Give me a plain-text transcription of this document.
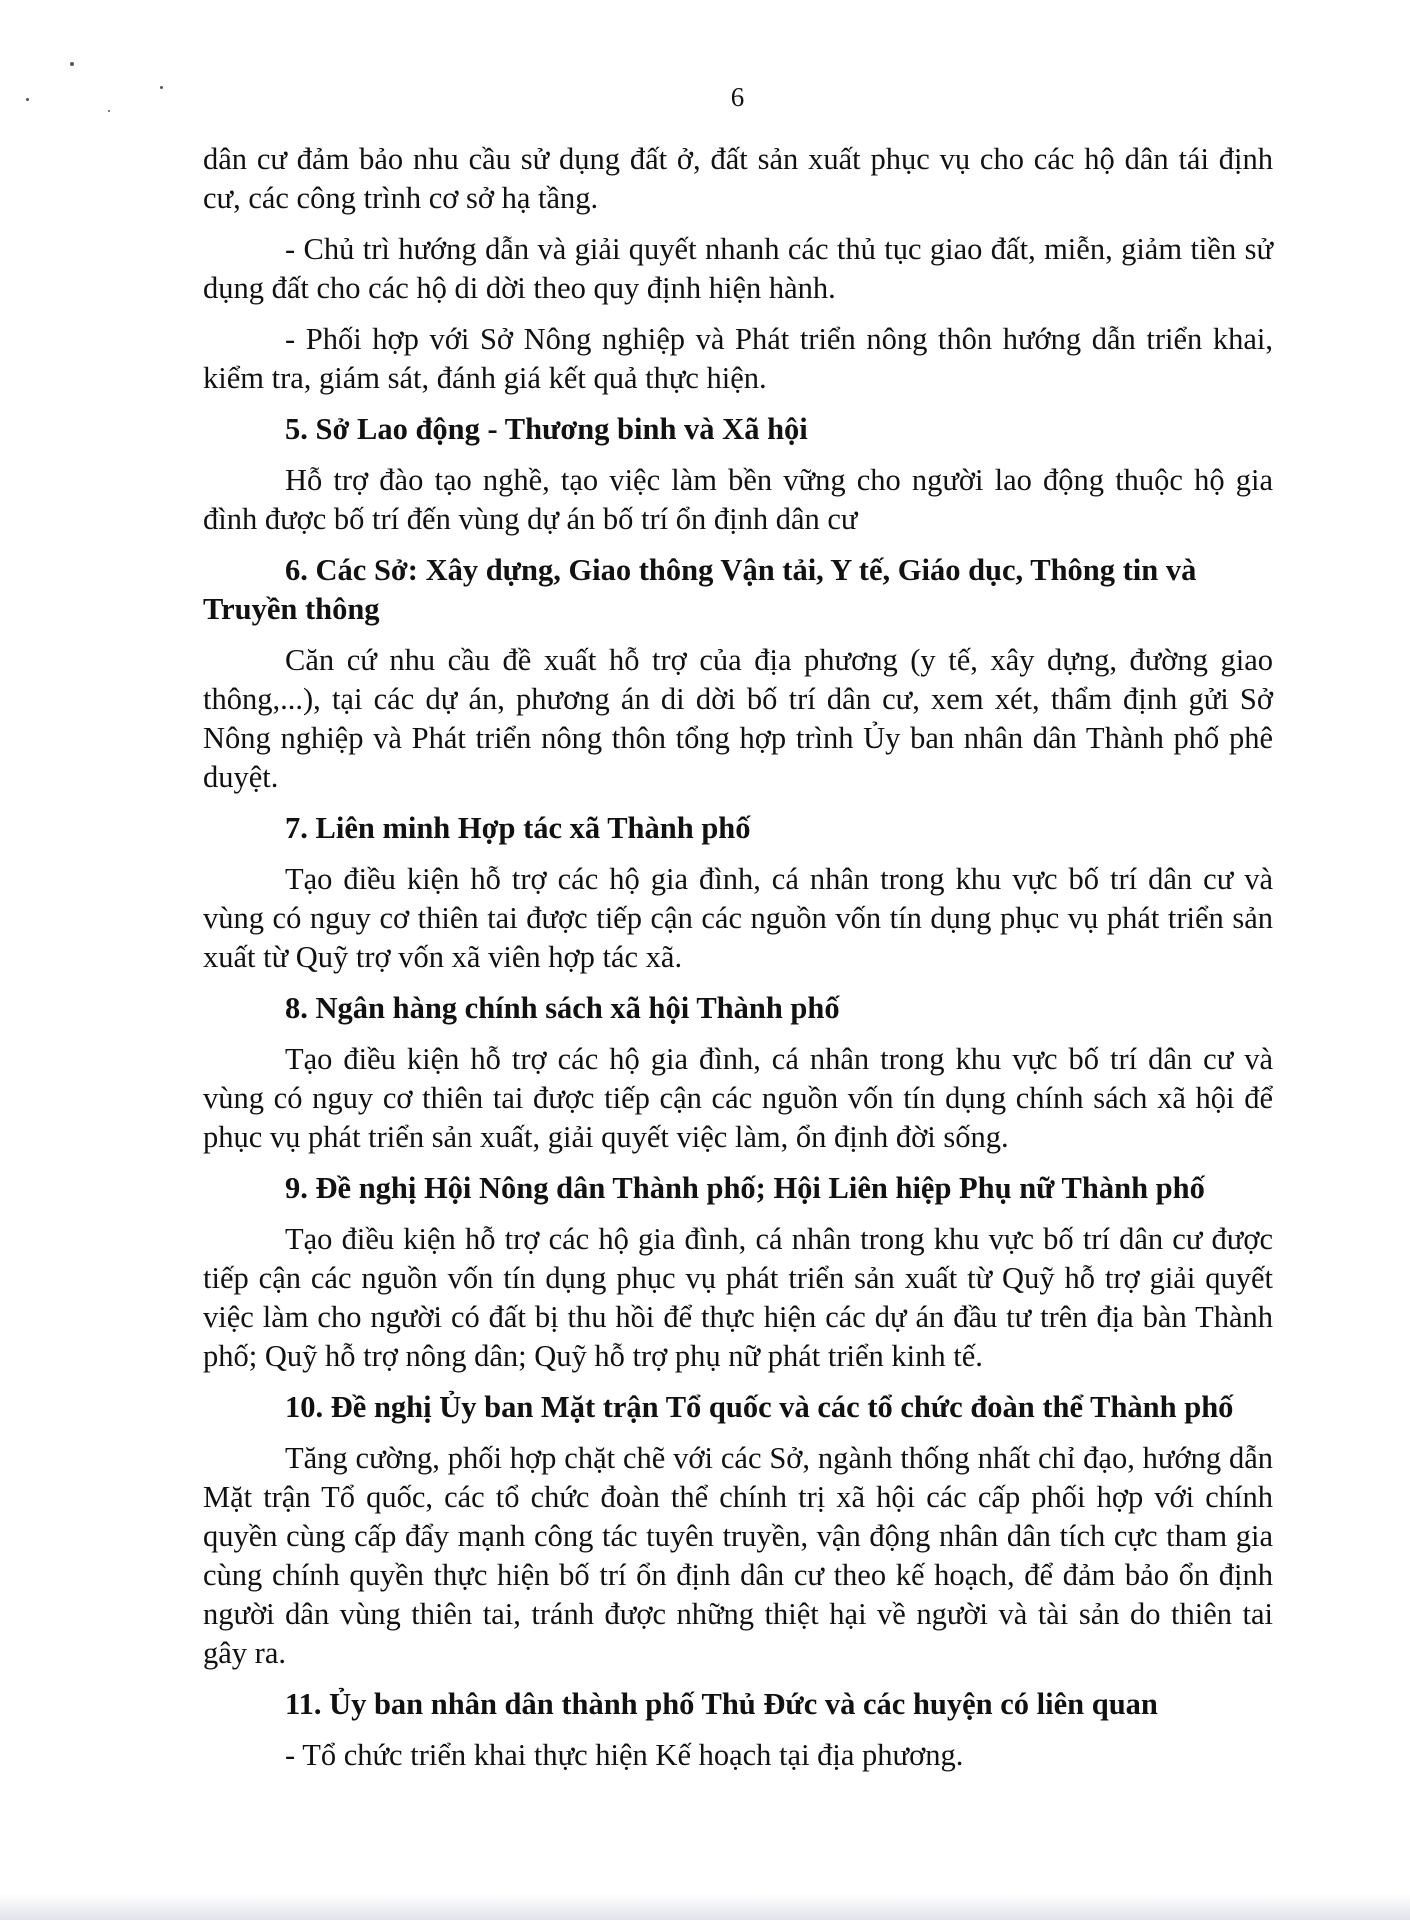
6

dân cư đảm bảo nhu cầu sử dụng đất ở, đất sản xuất phục vụ cho các hộ dân tái định cư, các công trình cơ sở hạ tầng.

- Chủ trì hướng dẫn và giải quyết nhanh các thủ tục giao đất, miễn, giảm tiền sử dụng đất cho các hộ di dời theo quy định hiện hành.

- Phối hợp với Sở Nông nghiệp và Phát triển nông thôn hướng dẫn triển khai, kiểm tra, giám sát, đánh giá kết quả thực hiện.

5. Sở Lao động - Thương binh và Xã hội

Hỗ trợ đào tạo nghề, tạo việc làm bền vững cho người lao động thuộc hộ gia đình được bố trí đến vùng dự án bố trí ổn định dân cư

6. Các Sở: Xây dựng, Giao thông Vận tải, Y tế, Giáo dục, Thông tin và Truyền thông

Căn cứ nhu cầu đề xuất hỗ trợ của địa phương (y tế, xây dựng, đường giao thông,...), tại các dự án, phương án di dời bố trí dân cư, xem xét, thẩm định gửi Sở Nông nghiệp và Phát triển nông thôn tổng hợp trình Ủy ban nhân dân Thành phố phê duyệt.

7. Liên minh Hợp tác xã Thành phố

Tạo điều kiện hỗ trợ các hộ gia đình, cá nhân trong khu vực bố trí dân cư và vùng có nguy cơ thiên tai được tiếp cận các nguồn vốn tín dụng phục vụ phát triển sản xuất từ Quỹ trợ vốn xã viên hợp tác xã.

8. Ngân hàng chính sách xã hội Thành phố

Tạo điều kiện hỗ trợ các hộ gia đình, cá nhân trong khu vực bố trí dân cư và vùng có nguy cơ thiên tai được tiếp cận các nguồn vốn tín dụng chính sách xã hội để phục vụ phát triển sản xuất, giải quyết việc làm, ổn định đời sống.

9. Đề nghị Hội Nông dân Thành phố; Hội Liên hiệp Phụ nữ Thành phố

Tạo điều kiện hỗ trợ các hộ gia đình, cá nhân trong khu vực bố trí dân cư được tiếp cận các nguồn vốn tín dụng phục vụ phát triển sản xuất từ Quỹ hỗ trợ giải quyết việc làm cho người có đất bị thu hồi để thực hiện các dự án đầu tư trên địa bàn Thành phố; Quỹ hỗ trợ nông dân; Quỹ hỗ trợ phụ nữ phát triển kinh tế.

10. Đề nghị Ủy ban Mặt trận Tổ quốc và các tổ chức đoàn thể Thành phố

Tăng cường, phối hợp chặt chẽ với các Sở, ngành thống nhất chỉ đạo, hướng dẫn Mặt trận Tổ quốc, các tổ chức đoàn thể chính trị xã hội các cấp phối hợp với chính quyền cùng cấp đẩy mạnh công tác tuyên truyền, vận động nhân dân tích cực tham gia cùng chính quyền thực hiện bố trí ổn định dân cư theo kế hoạch, để đảm bảo ổn định người dân vùng thiên tai, tránh được những thiệt hại về người và tài sản do thiên tai gây ra.

11. Ủy ban nhân dân thành phố Thủ Đức và các huyện có liên quan

- Tổ chức triển khai thực hiện Kế hoạch tại địa phương.
